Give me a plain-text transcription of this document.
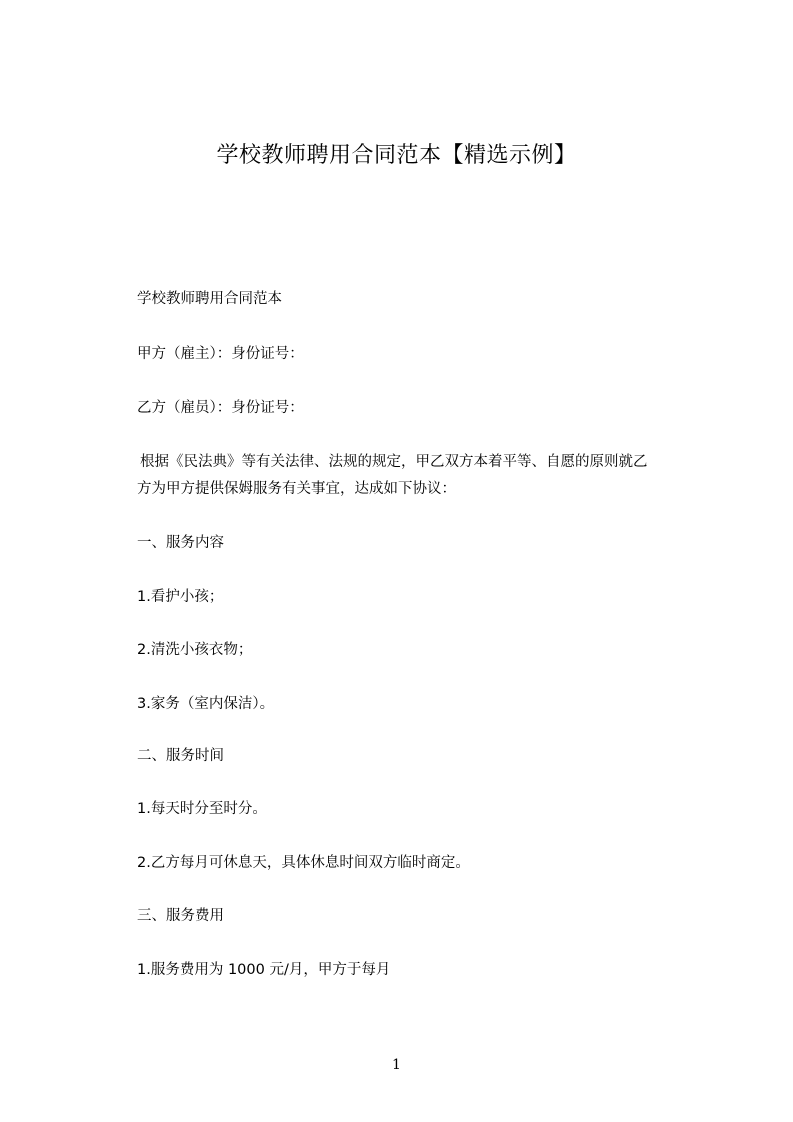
学校教师聘用合同范本【精选示例】

学校教师聘用合同范本

甲方（雇主）：身份证号：

乙方（雇员）：身份证号：

根据《民法典》等有关法律、法规的规定，甲乙双方本着平等、自愿的原则就乙

方为甲方提供保姆服务有关事宜，达成如下协议：

一、服务内容

1.看护小孩；

2.清洗小孩衣物；

3.家务（室内保洁）。

二、服务时间

1.每天时分至时分。

2.乙方每月可休息天，具体休息时间双方临时商定。

三、服务费用

1.服务费用为 1000 元/月，甲方于每月

1
